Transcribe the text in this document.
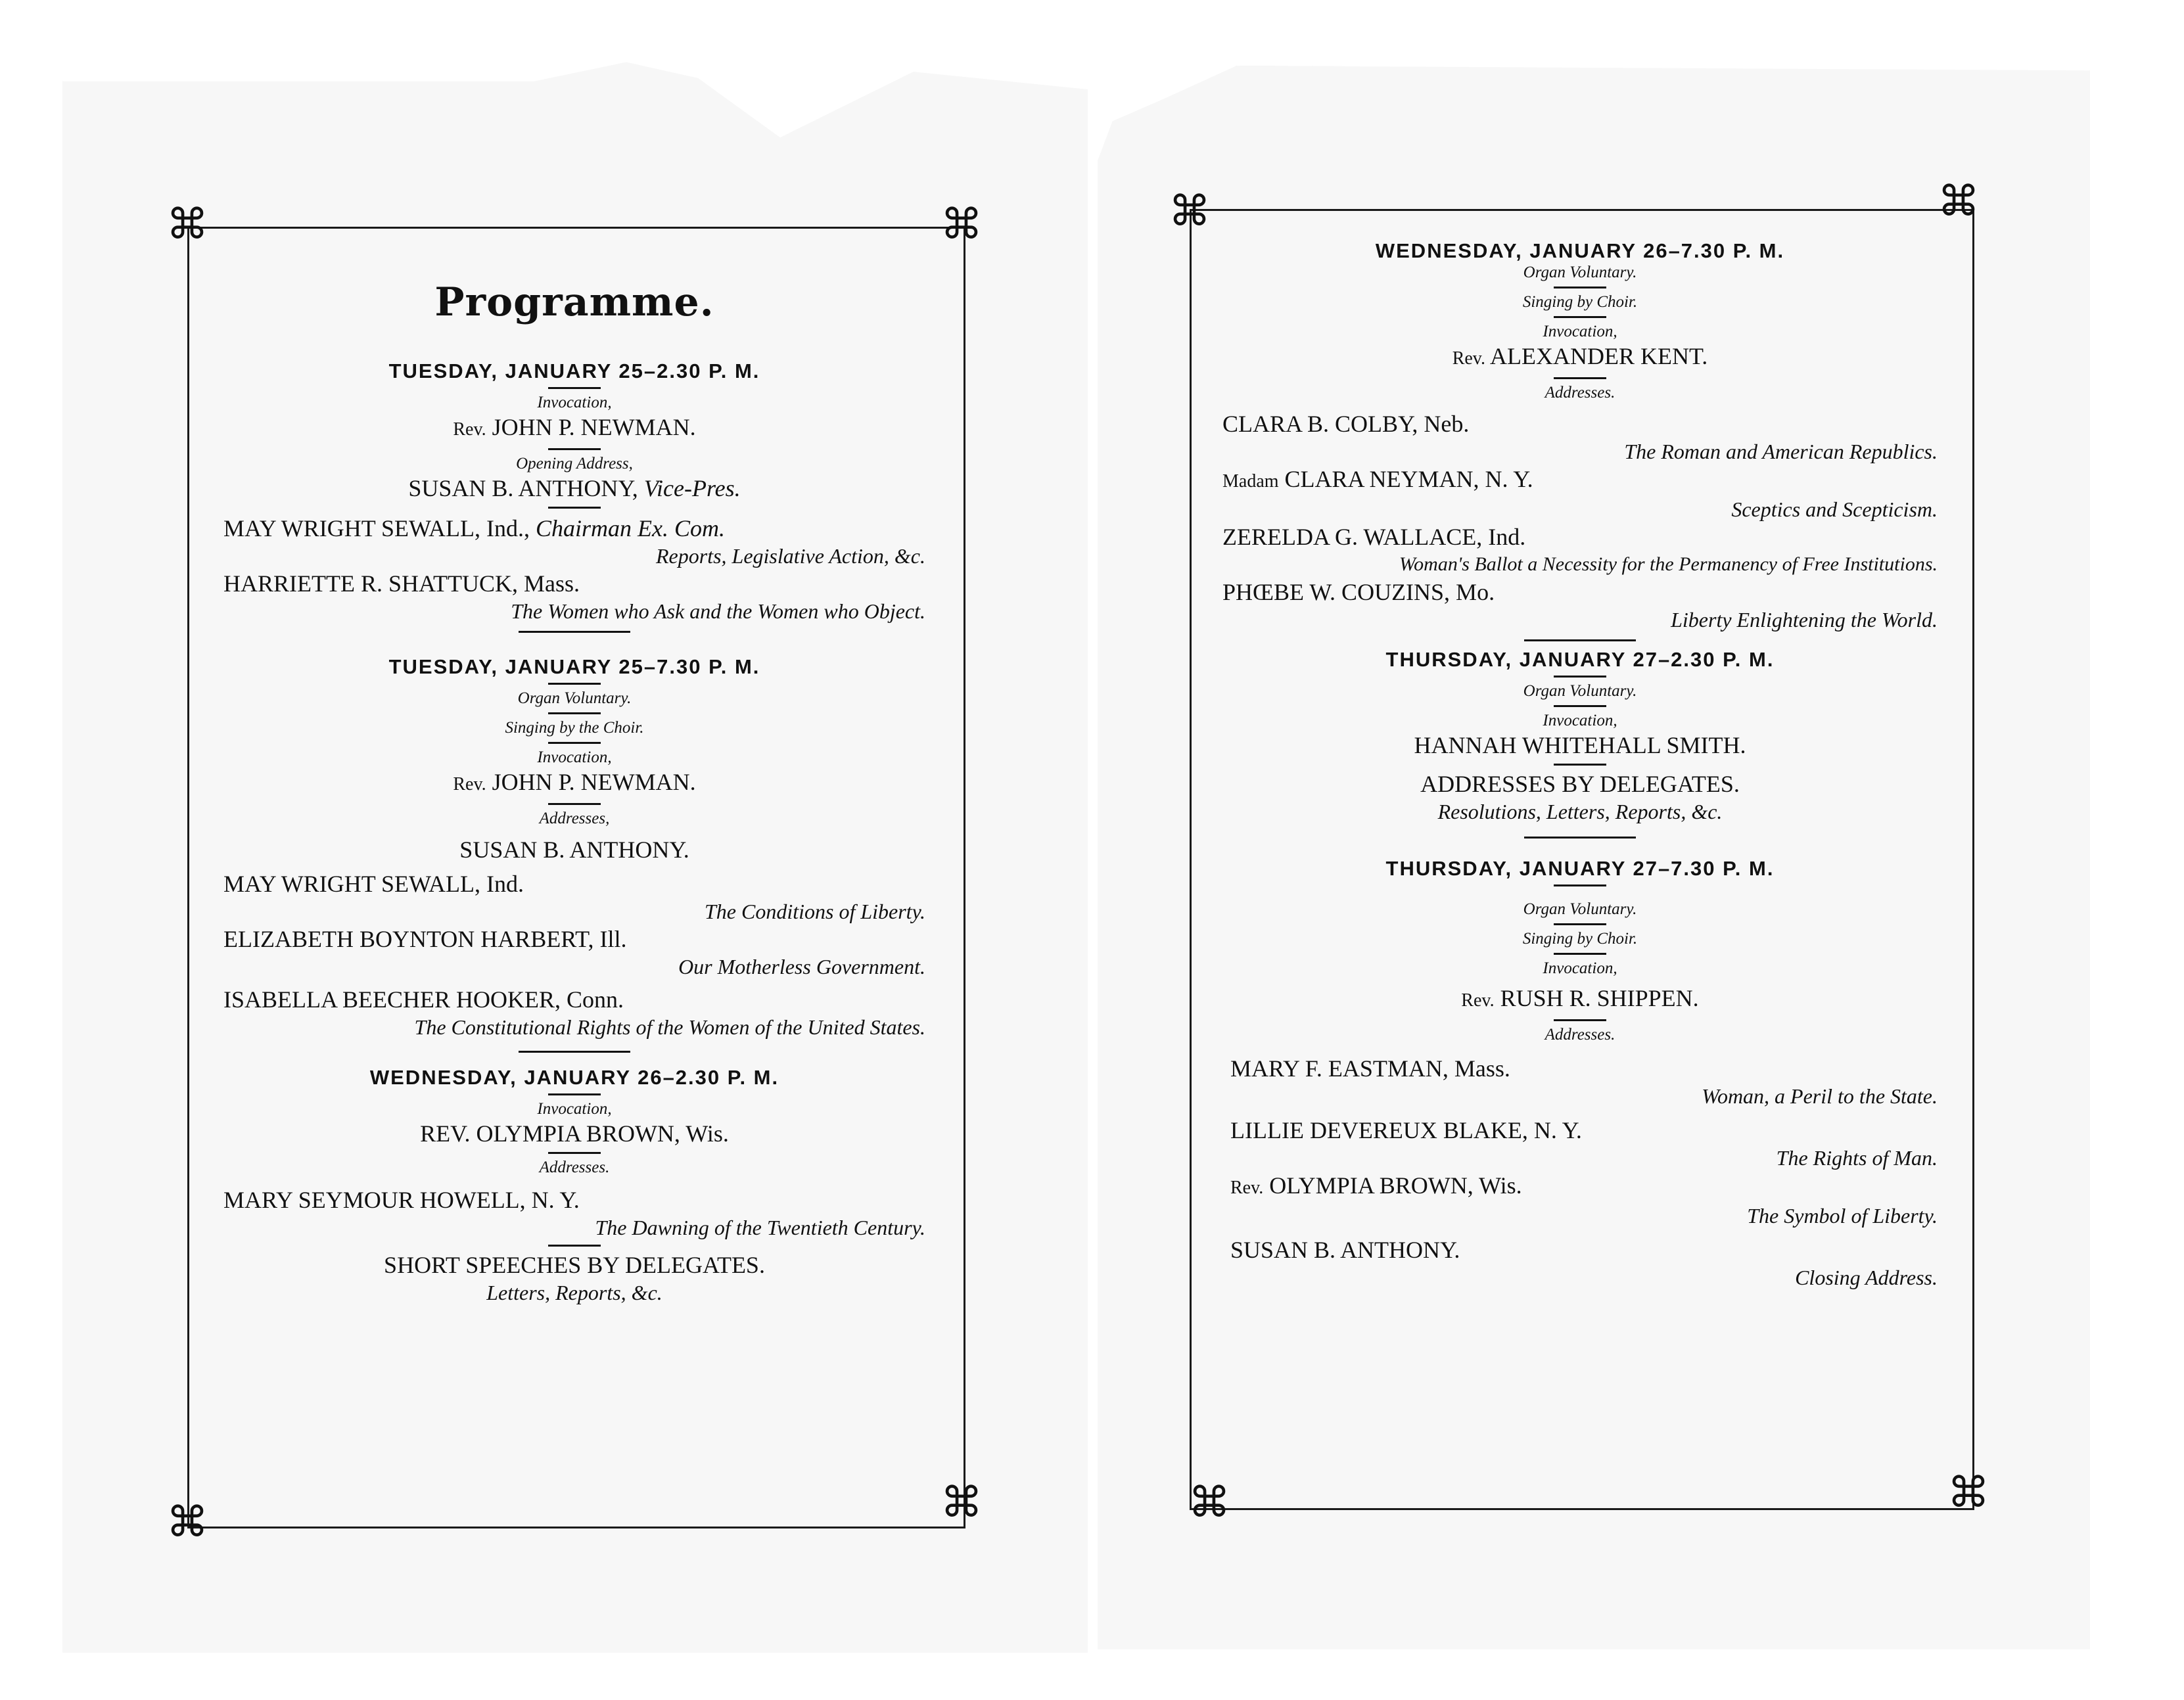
⌘	⌘
⌘	⌘
⌘	⌘
⌘	⌘
Programme.
TUESDAY, JANUARY 25–2.30 P. M.
Invocation,
Rev. JOHN P. NEWMAN.
Opening Address,
SUSAN B. ANTHONY, Vice-Pres.
MAY WRIGHT SEWALL, Ind., Chairman Ex. Com.
Reports, Legislative Action, &c.
HARRIETTE R. SHATTUCK, Mass.
The Women who Ask and the Women who Object.
TUESDAY, JANUARY 25–7.30 P. M.
Organ Voluntary.
Singing by the Choir.
Invocation,
Rev. JOHN P. NEWMAN.
Addresses,
SUSAN B. ANTHONY.
MAY WRIGHT SEWALL, Ind.
The Conditions of Liberty.
ELIZABETH BOYNTON HARBERT, Ill.
Our Motherless Government.
ISABELLA BEECHER HOOKER, Conn.
The Constitutional Rights of the Women of the United States.
WEDNESDAY, JANUARY 26–2.30 P. M.
Invocation,
REV. OLYMPIA BROWN, Wis.
Addresses.
MARY SEYMOUR HOWELL, N. Y.
The Dawning of the Twentieth Century.
SHORT SPEECHES BY DELEGATES.
Letters, Reports, &c.
WEDNESDAY, JANUARY 26–7.30 P. M.
Organ Voluntary.
Singing by Choir.
Invocation,
Rev. ALEXANDER KENT.
Addresses.
CLARA B. COLBY, Neb.
The Roman and American Republics.
Madam CLARA NEYMAN, N. Y.
Sceptics and Scepticism.
ZERELDA G. WALLACE, Ind.
Woman's Ballot a Necessity for the Permanency of Free Institutions.
PHŒBE W. COUZINS, Mo.
Liberty Enlightening the World.
THURSDAY, JANUARY 27–2.30 P. M.
Organ Voluntary.
Invocation,
HANNAH WHITEHALL SMITH.
ADDRESSES BY DELEGATES.
Resolutions, Letters, Reports, &c.
THURSDAY, JANUARY 27–7.30 P. M.
Organ Voluntary.
Singing by Choir.
Invocation,
Rev. RUSH R. SHIPPEN.
Addresses.
MARY F. EASTMAN, Mass.
Woman, a Peril to the State.
LILLIE DEVEREUX BLAKE, N. Y.
The Rights of Man.
Rev. OLYMPIA BROWN, Wis.
The Symbol of Liberty.
SUSAN B. ANTHONY.
Closing Address.
